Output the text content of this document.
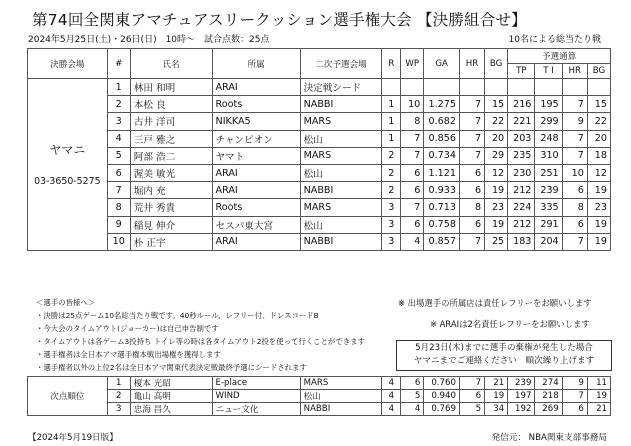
第74回全関東アマチュアスリークッション選手権大会 【決勝組合せ】
2024年5月25日(土)・26日(日)　10時〜　試合点数：25点	10名による総当たり戦
決勝会場	#	氏名	所属	二次予選会場	R	WP	GA	HR	BG	予選通算			
										TP	T I	HR	BG

ヤマニ
03-3650-5275	1	林田 和明	ARAI	決定戦シード									
	2	本松 良	Roots	NABBI	1	10	1.275	7	15	216	195	7	15
	3	古井 洋司	NIKKA5	MARS	1	8	0.682	7	22	221	299	9	22
	4	三戸 雅之	チャンピオン	松山	1	7	0.856	7	20	203	248	7	20
	5	阿部 浩二	ヤマト	MARS	2	7	0.734	7	29	235	310	7	18
	6	渥美 敏光	ARAI	松山	2	6	1.121	6	12	230	251	10	12
	7	堀内 充	ARAI	NABBI	2	6	0.933	6	19	212	239	6	19
	8	荒井 秀貴	Roots	MARS	3	7	0.713	8	23	224	335	8	23
	9	稲見 伸介	セスパ東大宮	松山	3	6	0.758	6	19	212	291	6	19
	10	朴 正宇	ARAI	NABBI	3	4	0.857	7	25	183	204	7	19
＜選手の皆様へ＞
・決勝は25点ゲーム10名総当たり戦です。40秒ルール、レフリー付、ドレスコードB
・今大会のタイムアウト(ジョーカー)は自己申告制です
・タイムアウトは各ゲーム3投持ち トイレ等の時は各タイムアウト2投を使って行くことができます
・選手権者は全日本アマ選手権本戦出場権を獲得します
・選手権者以外の上位2名は全日本アマ関東代表決定戦最終予選にシードされます
※ 出場選手の所属店は責任レフリーをお願いします
※ ARAIは2名責任レフリーをお願いします
5月23日(木)までに選手の棄権が発生した場合
ヤマニまでご連絡ください　順次繰り上げます
次点順位	1	榎本 光昭	E-place	MARS	4	6	0.760	7	21	239	274	9	11
	2	亀山 高明	WIND	松山	4	5	0.940	6	19	197	218	7	19
	3	忠海 昌久	ニュー文化	NABBI	4	4	0.769	5	34	192	269	6	21
【2024年5月19日版】	発信元： NBA関東支部事務局
